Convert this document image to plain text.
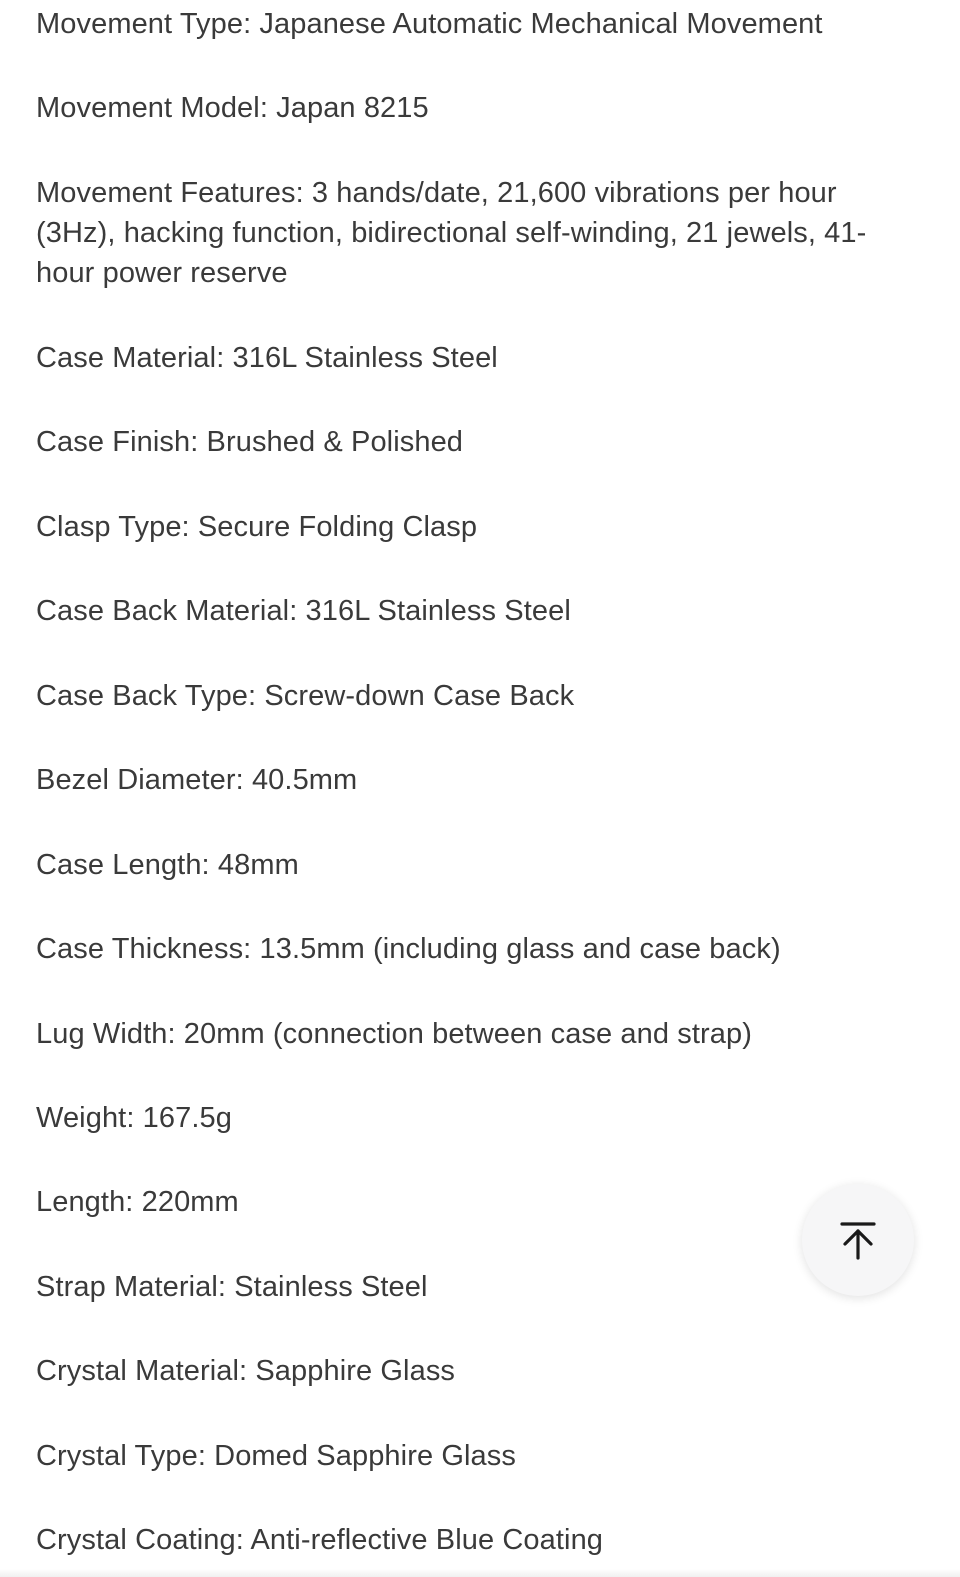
Movement Type: Japanese Automatic Mechanical Movement
Movement Model: Japan 8215
Movement Features: 3 hands/date, 21,600 vibrations per hour (3Hz), hacking function, bidirectional self-winding, 21 jewels, 41-hour power reserve
Case Material: 316L Stainless Steel
Case Finish: Brushed & Polished
Clasp Type: Secure Folding Clasp
Case Back Material: 316L Stainless Steel
Case Back Type: Screw-down Case Back
Bezel Diameter: 40.5mm
Case Length: 48mm
Case Thickness: 13.5mm (including glass and case back)
Lug Width: 20mm (connection between case and strap)
Weight: 167.5g
Length: 220mm
Strap Material: Stainless Steel
Crystal Material: Sapphire Glass
Crystal Type: Domed Sapphire Glass
Crystal Coating: Anti-reflective Blue Coating
